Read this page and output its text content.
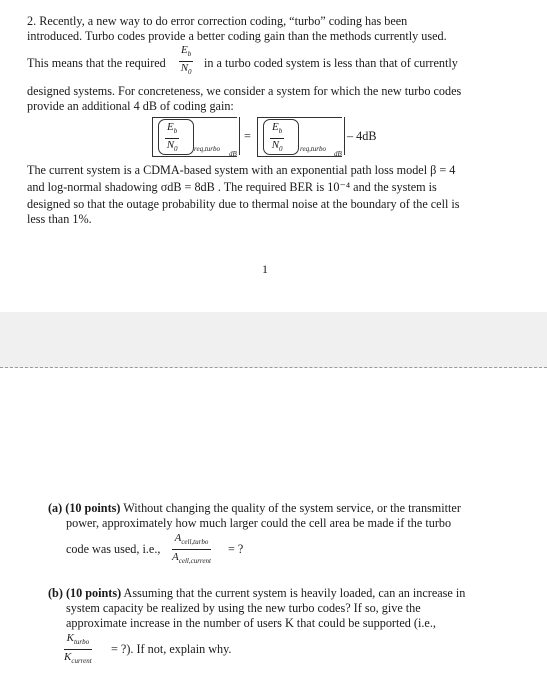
2. Recently, a new way to do error correction coding, “turbo” coding has been
introduced. Turbo codes provide a better coding gain than the methods currently used.
This means that the required $\frac{E_b}{N_0}$ in a turbo coded system is less than that of currently
designed systems. For concreteness, we consider a system for which the new turbo codes
provide an additional 4 dB of coding gain:
$\frac{E_b}{N_0}$ req,turbo
dB
= $\frac{E_b}{N_0}$ req,turbo
dB
– 4dB
The current system is a CDMA-based system with an exponential path loss model β = 4
and log-normal shadowing σdB = 8dB . The required BER is 10⁻⁴ and the system is
designed so that the outage probability due to thermal noise at the boundary of the cell is
less than 1%.
1
(a) (10 points) Without changing the quality of the system service, or the transmitter
power, approximately how much larger could the cell area be made if the turbo
code was used, i.e.,
$A_{cell,turbo}$
$A_{cell,current}$
= ?
(b) (10 points) Assuming that the current system is heavily loaded, can an increase in
system capacity be realized by using the new turbo codes? If so, give the
approximate increase in the number of users K that could be supported (i.e.,
$K_{turbo}$
$K_{current}$
= ?). If not, explain why.
